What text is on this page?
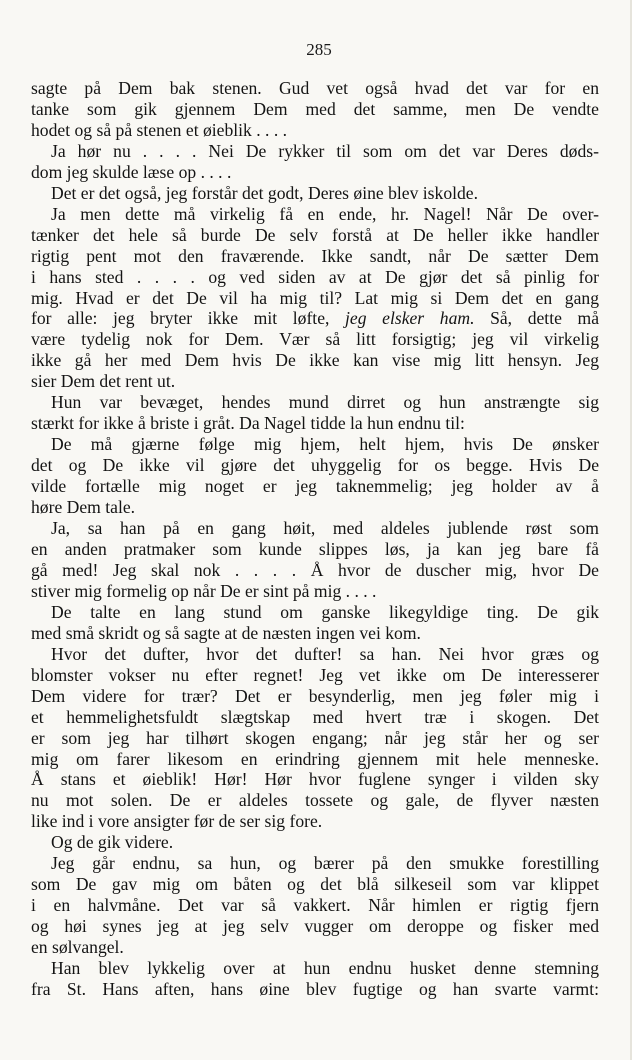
285
sagte på Dem bak stenen. Gud vet også hvad det var for en
tanke som gik gjennem Dem med det samme, men De vendte
hodet og så på stenen et øieblik . . . .
Ja hør nu . . . . Nei De rykker til som om det var Deres døds-
dom jeg skulde læse op . . . .
Det er det også, jeg forstår det godt, Deres øine blev iskolde.
Ja men dette må virkelig få en ende, hr. Nagel! Når De over-
tænker det hele så burde De selv forstå at De heller ikke handler
rigtig pent mot den fraværende. Ikke sandt, når De sætter Dem
i hans sted . . . . og ved siden av at De gjør det så pinlig for
mig. Hvad er det De vil ha mig til? Lat mig si Dem det en gang
for alle: jeg bryter ikke mit løfte, jeg elsker ham. Så, dette må
være tydelig nok for Dem. Vær så litt forsigtig; jeg vil virkelig
ikke gå her med Dem hvis De ikke kan vise mig litt hensyn. Jeg
sier Dem det rent ut.
Hun var bevæget, hendes mund dirret og hun anstrængte sig
stærkt for ikke å briste i gråt. Da Nagel tidde la hun endnu til:
De må gjærne følge mig hjem, helt hjem, hvis De ønsker
det og De ikke vil gjøre det uhyggelig for os begge. Hvis De
vilde fortælle mig noget er jeg taknemmelig; jeg holder av å
høre Dem tale.
Ja, sa han på en gang høit, med aldeles jublende røst som
en anden pratmaker som kunde slippes løs, ja kan jeg bare få
gå med! Jeg skal nok . . . . Å hvor de duscher mig, hvor De
stiver mig formelig op når De er sint på mig . . . .
De talte en lang stund om ganske likegyldige ting. De gik
med små skridt og så sagte at de næsten ingen vei kom.
Hvor det dufter, hvor det dufter! sa han. Nei hvor græs og
blomster vokser nu efter regnet! Jeg vet ikke om De interesserer
Dem videre for trær? Det er besynderlig, men jeg føler mig i
et hemmelighetsfuldt slægtskap med hvert træ i skogen. Det
er som jeg har tilhørt skogen engang; når jeg står her og ser
mig om farer likesom en erindring gjennem mit hele menneske.
Å stans et øieblik! Hør! Hør hvor fuglene synger i vilden sky
nu mot solen. De er aldeles tossete og gale, de flyver næsten
like ind i vore ansigter før de ser sig fore.
Og de gik videre.
Jeg går endnu, sa hun, og bærer på den smukke forestilling
som De gav mig om båten og det blå silkeseil som var klippet
i en halvmåne. Det var så vakkert. Når himlen er rigtig fjern
og høi synes jeg at jeg selv vugger om deroppe og fisker med
en sølvangel.
Han blev lykkelig over at hun endnu husket denne stemning
fra St. Hans aften, hans øine blev fugtige og han svarte varmt:
